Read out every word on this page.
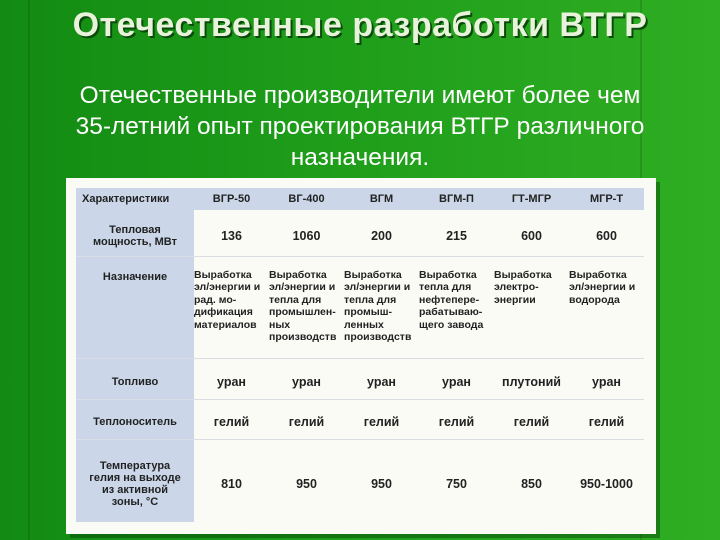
Отечественные разработки ВТГР
Отечественные производители имеют более чем
35-летний опыт проектирования ВТГР различного
назначения.
Характеристики	ВГР-50	ВГ-400	ВГМ	ВГМ-П	ГТ-МГР	МГР-Т

Тепловая
мощность, МВт	136	1060	200	215	600	600

Назначение	Выработка эл/энергии и рад. мо- дификация материалов	Выработка эл/энергии и тепла для промышлен- ных производств	Выработка эл/энергии и тепла для промыш- ленных производств	Выработка тепла для нефтепере- рабатываю- щего завода	Выработка электро- энергии	Выработка эл/энергии и водорода

Топливо	уран	уран	уран	уран	плутоний	уран

Теплоноситель	гелий	гелий	гелий	гелий	гелий	гелий

Температура
гелия на выходе
из активной
зоны, °С	810	950	950	750	850	950-1000
